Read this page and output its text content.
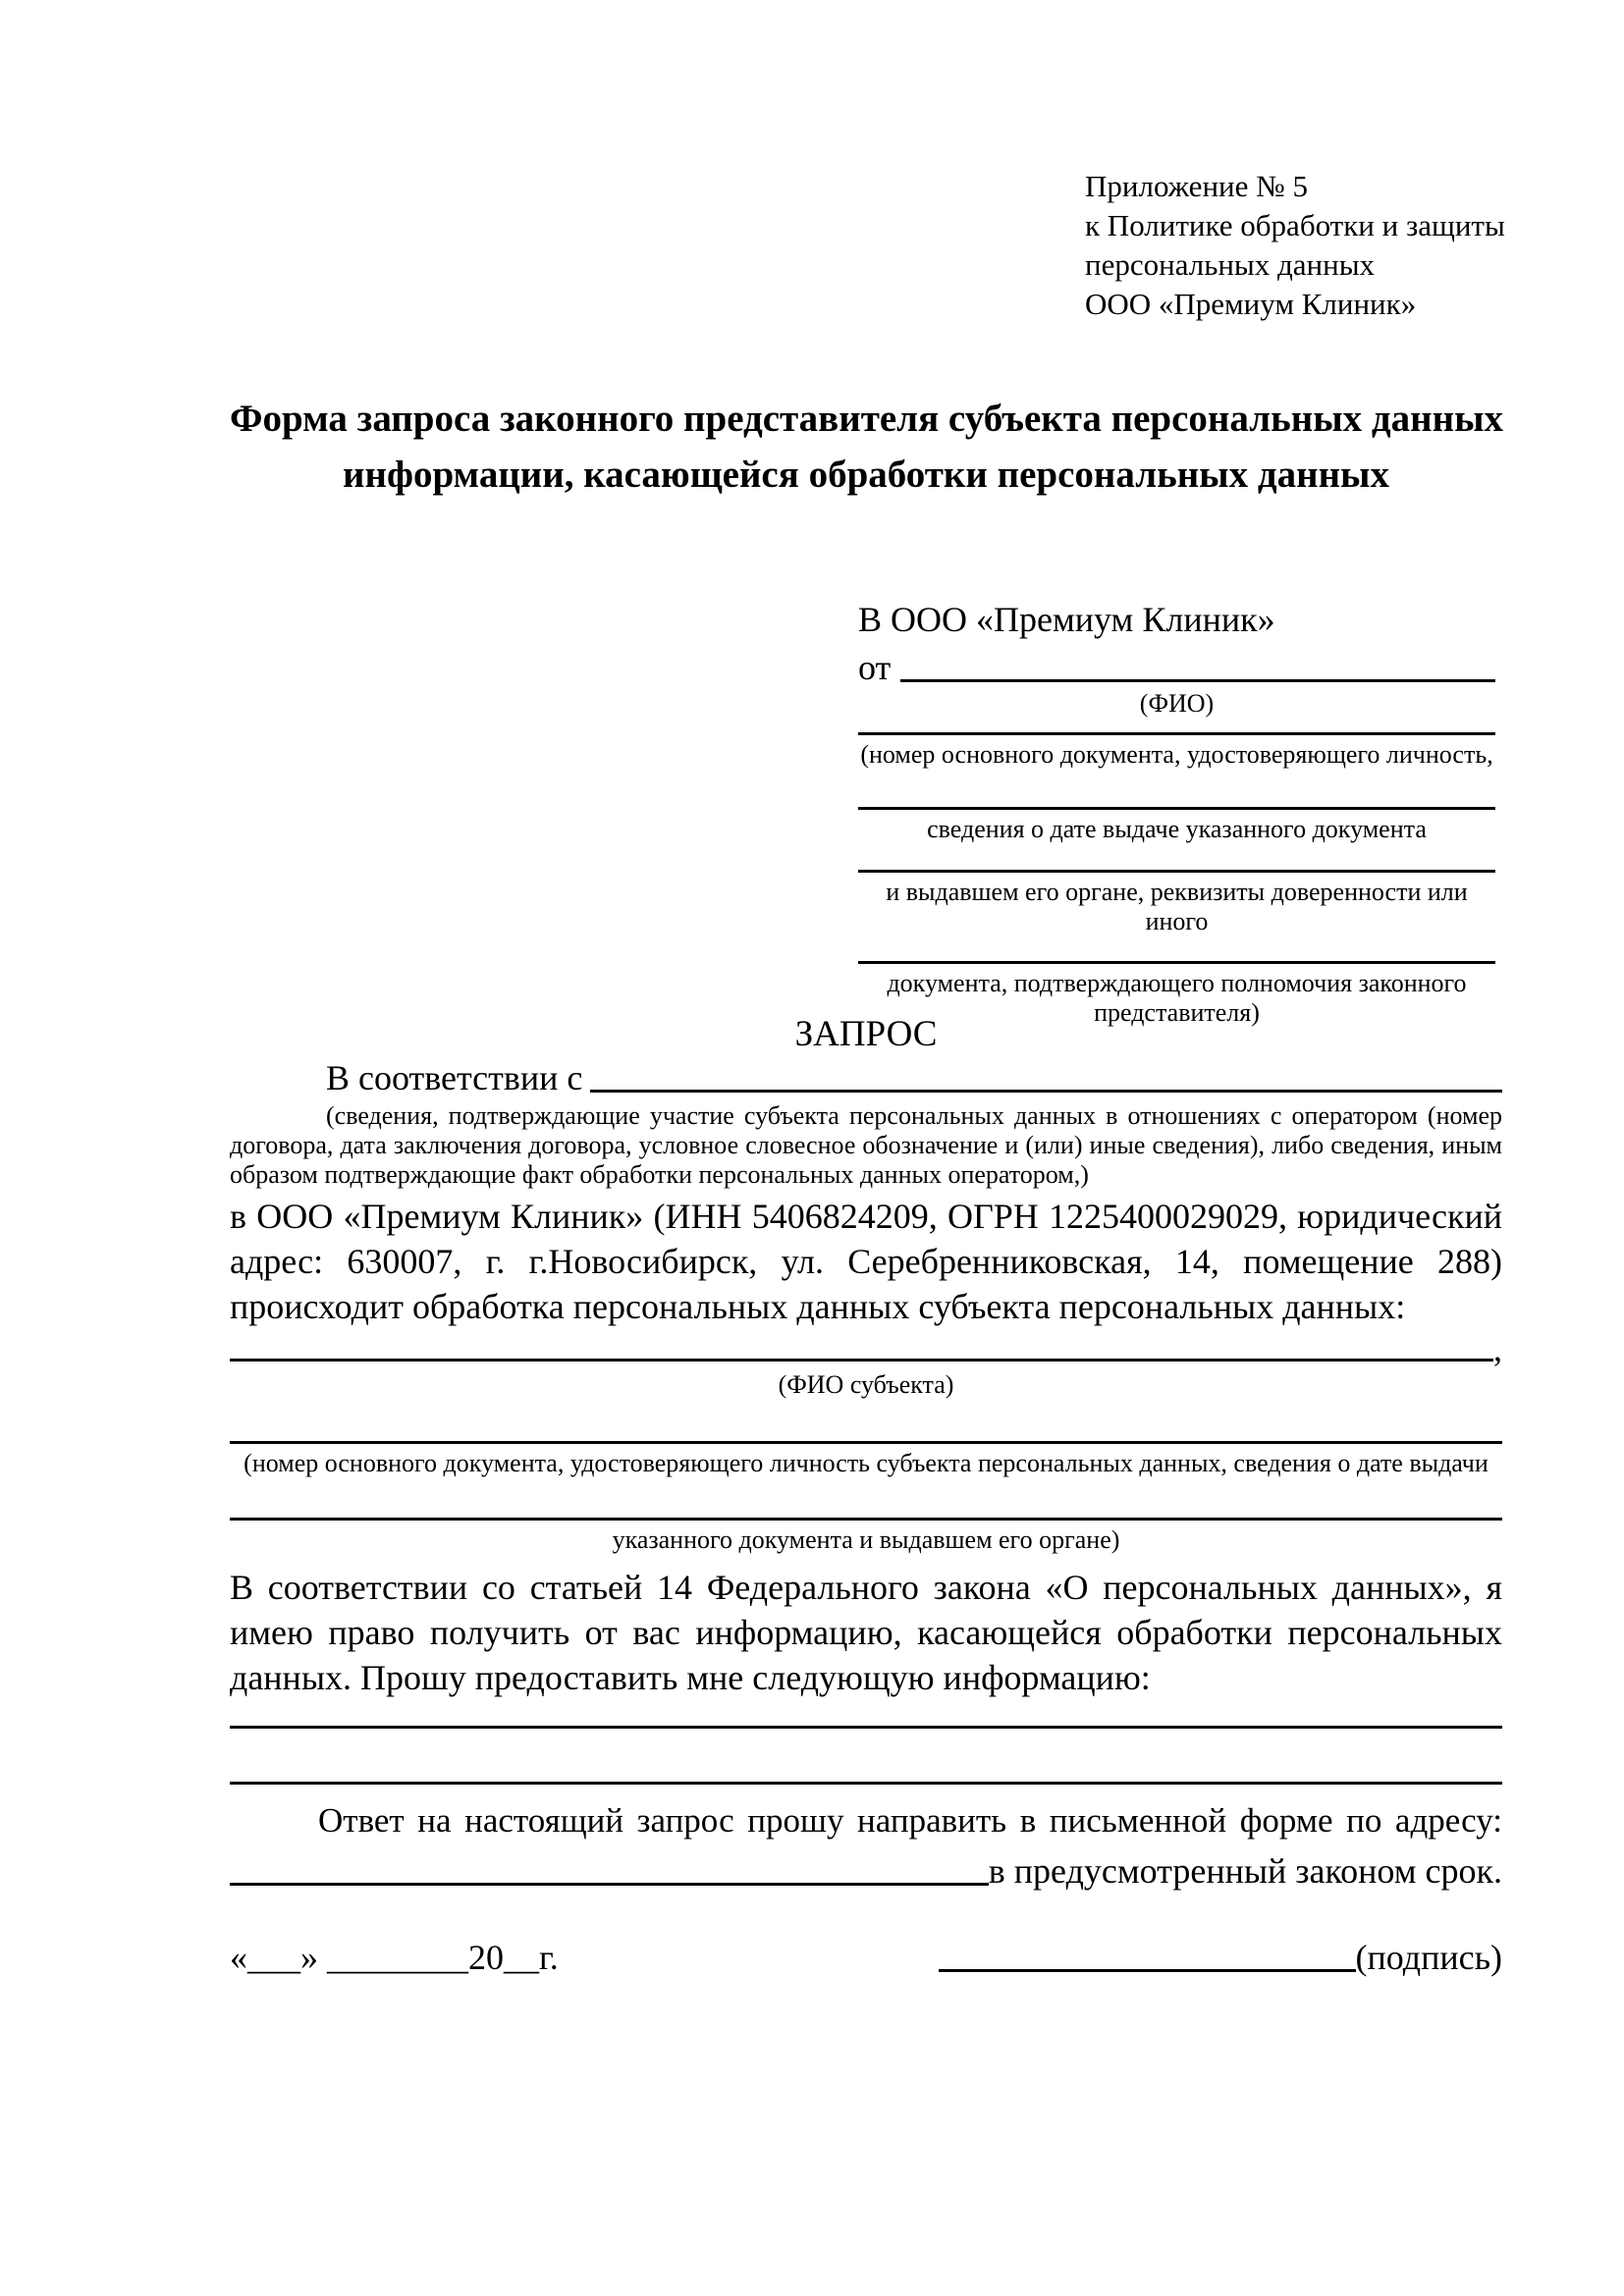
Приложение № 5
к Политике обработки и защиты
персональных данных
ООО «Премиум Клиник»
Форма запроса законного представителя субъекта персональных данных
информации, касающейся обработки персональных данных
В ООО «Премиум Клиник»
от
(ФИО)
(номер основного документа, удостоверяющего личность,
сведения о дате выдаче указанного документа
и выдавшем его органе, реквизиты доверенности или иного
документа, подтверждающего полномочия законного представителя)
ЗАПРОС
В соответствии с

(сведения, подтверждающие участие субъекта персональных данных в отношениях с оператором (номер договора, дата заключения договора, условное словесное обозначение и (или) иные сведения), либо сведения, иным образом подтверждающие факт обработки персональных данных оператором,)

в ООО «Премиум Клиник» (ИНН 5406824209, ОГРН 1225400029029, юридический адрес: 630007, г. г.Новосибирск, ул. Серебренниковская, 14, помещение 288) происходит обработка персональных данных субъекта персональных данных:

,
(ФИО субъекта)
(номер основного документа, удостоверяющего личность субъекта персональных данных, сведения о дате выдачи
указанного документа и выдавшем его органе)

В соответствии со статьей 14 Федерального закона «О персональных данных», я имею право получить от вас информацию, касающейся обработки персональных данных. Прошу предоставить мне следующую информацию:

Ответ на настоящий запрос прошу направить в письменной форме по адресу:
в предусмотренный законом срок.
«___» ________20__г.	(подпись)
